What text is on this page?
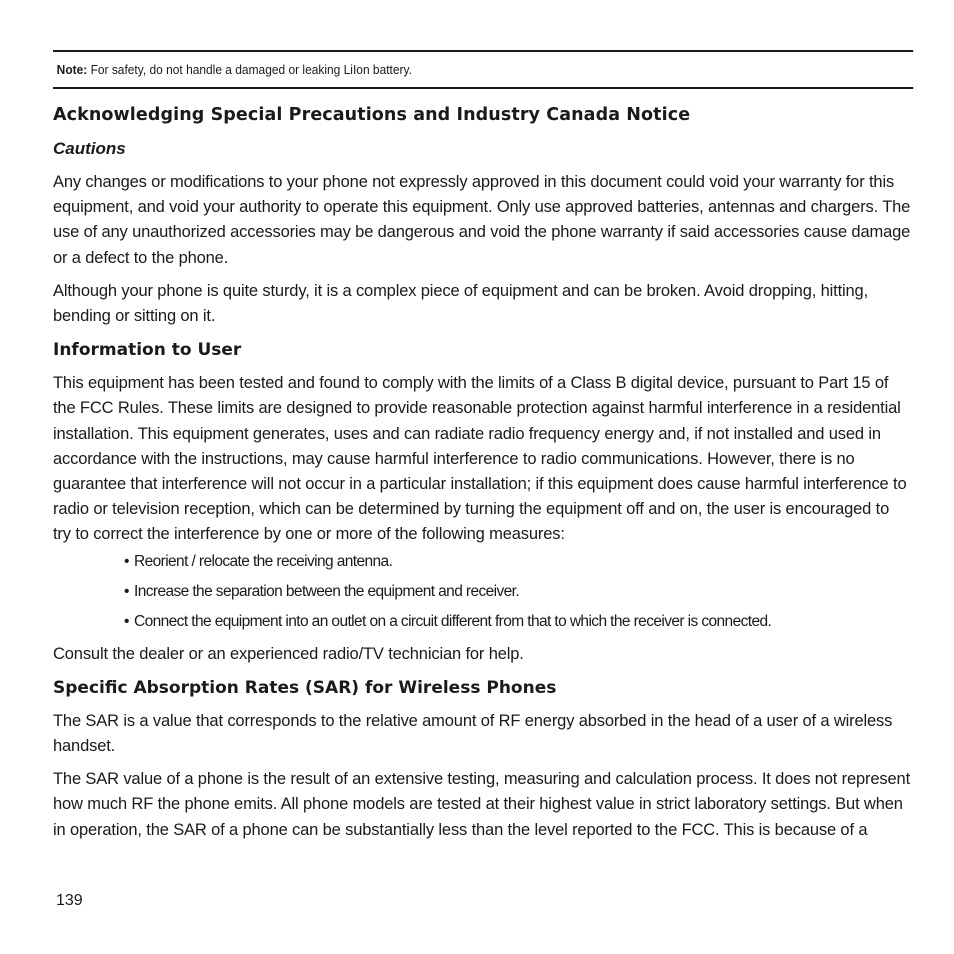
Note: For safety, do not handle a damaged or leaking LiIon battery.
Acknowledging Special Precautions and Industry Canada Notice
Cautions

Any changes or modifications to your phone not expressly approved in this document could void your warranty for this equipment, and void your authority to operate this equipment. Only use approved batteries, antennas and chargers. The use of any unauthorized accessories may be dangerous and void the phone warranty if said accessories cause damage or a defect to the phone.

Although your phone is quite sturdy, it is a complex piece of equipment and can be broken. Avoid dropping, hitting, bending or sitting on it.

Information to User

This equipment has been tested and found to comply with the limits of a Class B digital device, pursuant to Part 15 of the FCC Rules. These limits are designed to provide reasonable protection against harmful interference in a residential installation. This equipment generates, uses and can radiate radio frequency energy and, if not installed and used in accordance with the instructions, may cause harmful interference to radio communications. However, there is no guarantee that interference will not occur in a particular installation; if this equipment does cause harmful interference to radio or television reception, which can be determined by turning the equipment off and on, the user is encouraged to try to correct the interference by one or more of the following measures:

• Reorient / relocate the receiving antenna.
• Increase the separation between the equipment and receiver.
• Connect the equipment into an outlet on a circuit different from that to which the receiver is connected.

Consult the dealer or an experienced radio/TV technician for help.

Specific Absorption Rates (SAR) for Wireless Phones

The SAR is a value that corresponds to the relative amount of RF energy absorbed in the head of a user of a wireless handset.

The SAR value of a phone is the result of an extensive testing, measuring and calculation process. It does not represent how much RF the phone emits. All phone models are tested at their highest value in strict laboratory settings. But when in operation, the SAR of a phone can be substantially less than the level reported to the FCC. This is because of a

139
